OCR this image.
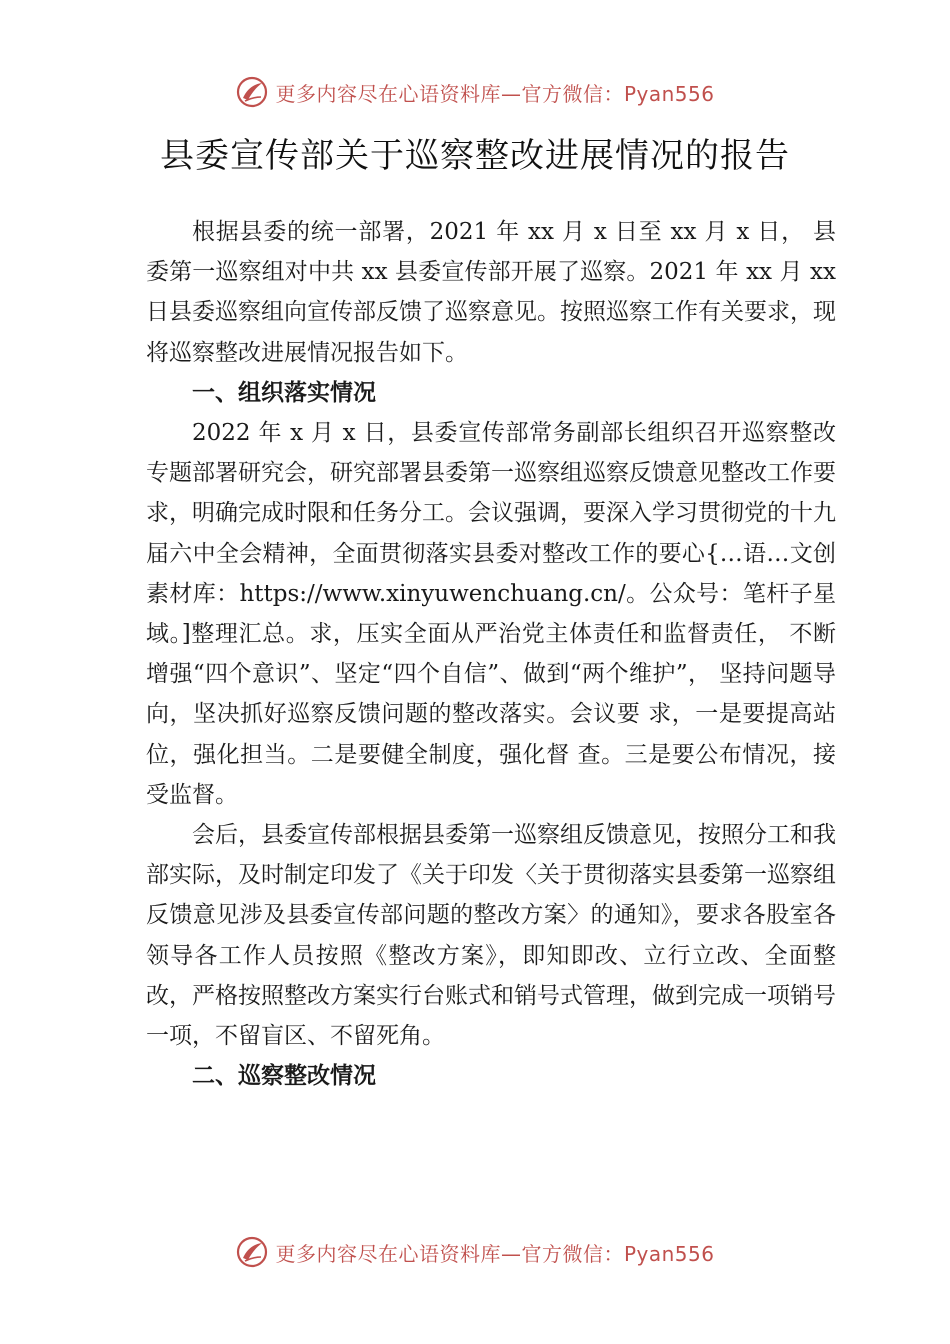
更多内容尽在心语资料库—官方微信：Pyan556
县委宣传部关于巡察整改进展情况的报告

根据县委的统一部署，2021 年 xx 月 x 日至 xx 月 x 日， 县委第一巡察组对中共 xx 县委宣传部开展了巡察。2021 年 xx 月 xx 日县委巡察组向宣传部反馈了巡察意见。按照巡察工作有关要求，现将巡察整改进展情况报告如下。

一、组织落实情况

2022 年 x 月 x 日，县委宣传部常务副部长组织召开巡察整改专题部署研究会，研究部署县委第一巡察组巡察反馈意见整改工作要求，明确完成时限和任务分工。会议强调，要深入学习贯彻党的十九届六中全会精神，全面贯彻落实县委对整改工作的要心{…语…文创素材库：https://www.xinyuwenchuang.cn/。公众号：笔杆子星域。]整理汇总。求，压实全面从严治党主体责任和监督责任， 不断增强“四个意识”、坚定“四个自信”、做到“两个维护”， 坚持问题导向，坚决抓好巡察反馈问题的整改落实。会议要 求，一是要提高站位，强化担当。二是要健全制度，强化督 查。三是要公布情况，接受监督。

会后，县委宣传部根据县委第一巡察组反馈意见，按照分工和我部实际，及时制定印发了《关于印发〈关于贯彻落实县委第一巡察组反馈意见涉及县委宣传部问题的整改方案〉的通知》，要求各股室各领导各工作人员按照《整改方案》，即知即改、立行立改、全面整改，严格按照整改方案实行台账式和销号式管理，做到完成一项销号一项，不留盲区、不留死角。

二、巡察整改情况

更多内容尽在心语资料库—官方微信：Pyan556
